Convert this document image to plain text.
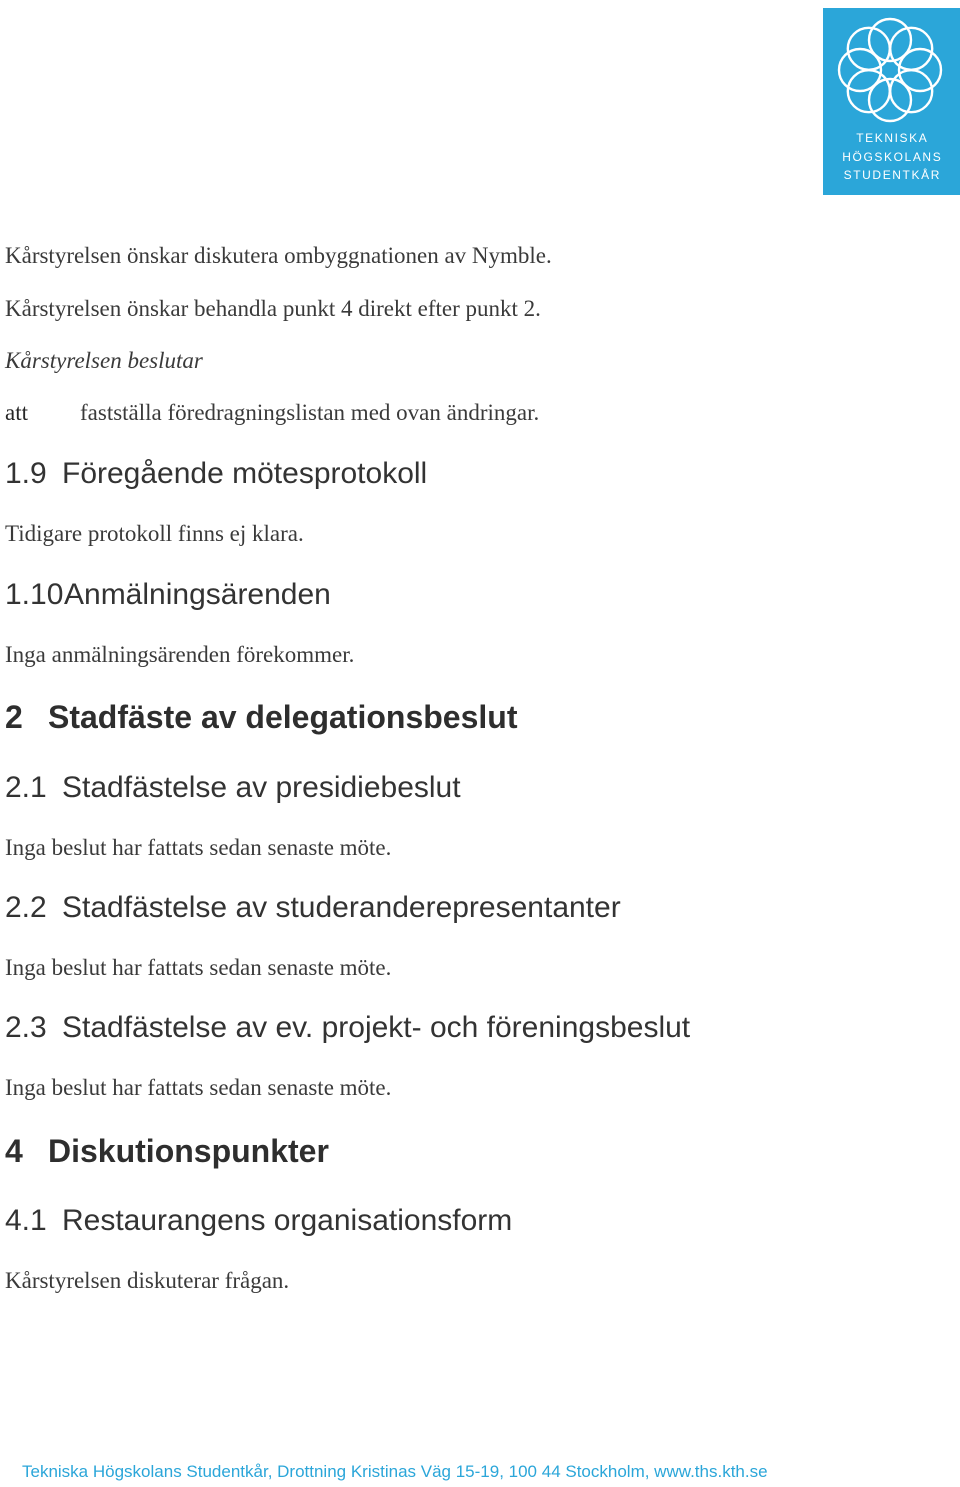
TEKNISKA
HÖGSKOLANS
STUDENTKÅR
Kårstyrelsen önskar diskutera ombyggnationen av Nymble.
Kårstyrelsen önskar behandla punkt 4 direkt efter punkt 2.
Kårstyrelsen beslutar
att fastställa föredragningslistan med ovan ändringar.
1.9 Föregående mötesprotokoll
Tidigare protokoll finns ej klara.
1.10 Anmälningsärenden
Inga anmälningsärenden förekommer.
2 Stadfäste av delegationsbeslut
2.1 Stadfästelse av presidiebeslut
Inga beslut har fattats sedan senaste möte.
2.2 Stadfästelse av studeranderepresentanter
Inga beslut har fattats sedan senaste möte.
2.3 Stadfästelse av ev. projekt- och föreningsbeslut
Inga beslut har fattats sedan senaste möte.
4 Diskutionspunkter
4.1 Restaurangens organisationsform
Kårstyrelsen diskuterar frågan.
Tekniska Högskolans Studentkår, Drottning Kristinas Väg 15-19, 100 44 Stockholm, www.ths.kth.se
